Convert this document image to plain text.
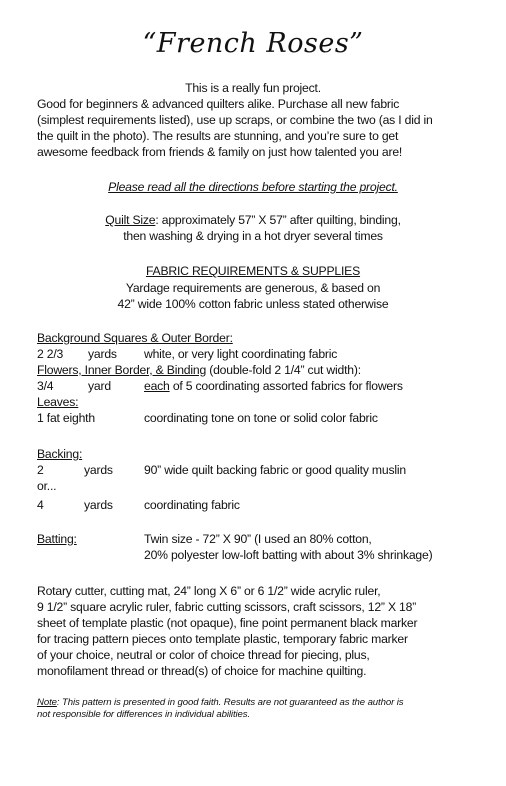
“French Roses”
This is a really fun project.
Good for beginners & advanced quilters alike. Purchase all new fabric
(simplest requirements listed), use up scraps, or combine the two (as I did in
the quilt in the photo). The results are stunning, and you’re sure to get
awesome feedback from friends & family on just how talented you are!
Please read all the directions before starting the project.
Quilt Size: approximately 57” X 57” after quilting, binding,
then washing & drying in a hot dryer several times
FABRIC REQUIREMENTS & SUPPLIES
Yardage requirements are generous, & based on
42” wide 100% cotton fabric unless stated otherwise
Background Squares & Outer Border:
2 2/3 yards white, or very light coordinating fabric
Flowers, Inner Border, & Binding (double-fold 2 1/4” cut width):
3/4	yard	each of 5 coordinating assorted fabrics for flowers
Leaves:
1 fat eighth	coordinating tone on tone or solid color fabric
Backing:
2	yards	90” wide quilt backing fabric or good quality muslin
or...
4	yards	coordinating fabric
Batting:	Twin size - 72” X 90” (I used an 80% cotton,
20% polyester low-loft batting with about 3% shrinkage)
Rotary cutter, cutting mat, 24” long X 6” or 6 1/2” wide acrylic ruler,
9 1/2” square acrylic ruler, fabric cutting scissors, craft scissors, 12” X 18”
sheet of template plastic (not opaque), fine point permanent black marker
for tracing pattern pieces onto template plastic, temporary fabric marker
of your choice, neutral or color of choice thread for piecing, plus,
monofilament thread or thread(s) of choice for machine quilting.
Note: This pattern is presented in good faith. Results are not guaranteed as the author is
not responsible for differences in individual abilities.
